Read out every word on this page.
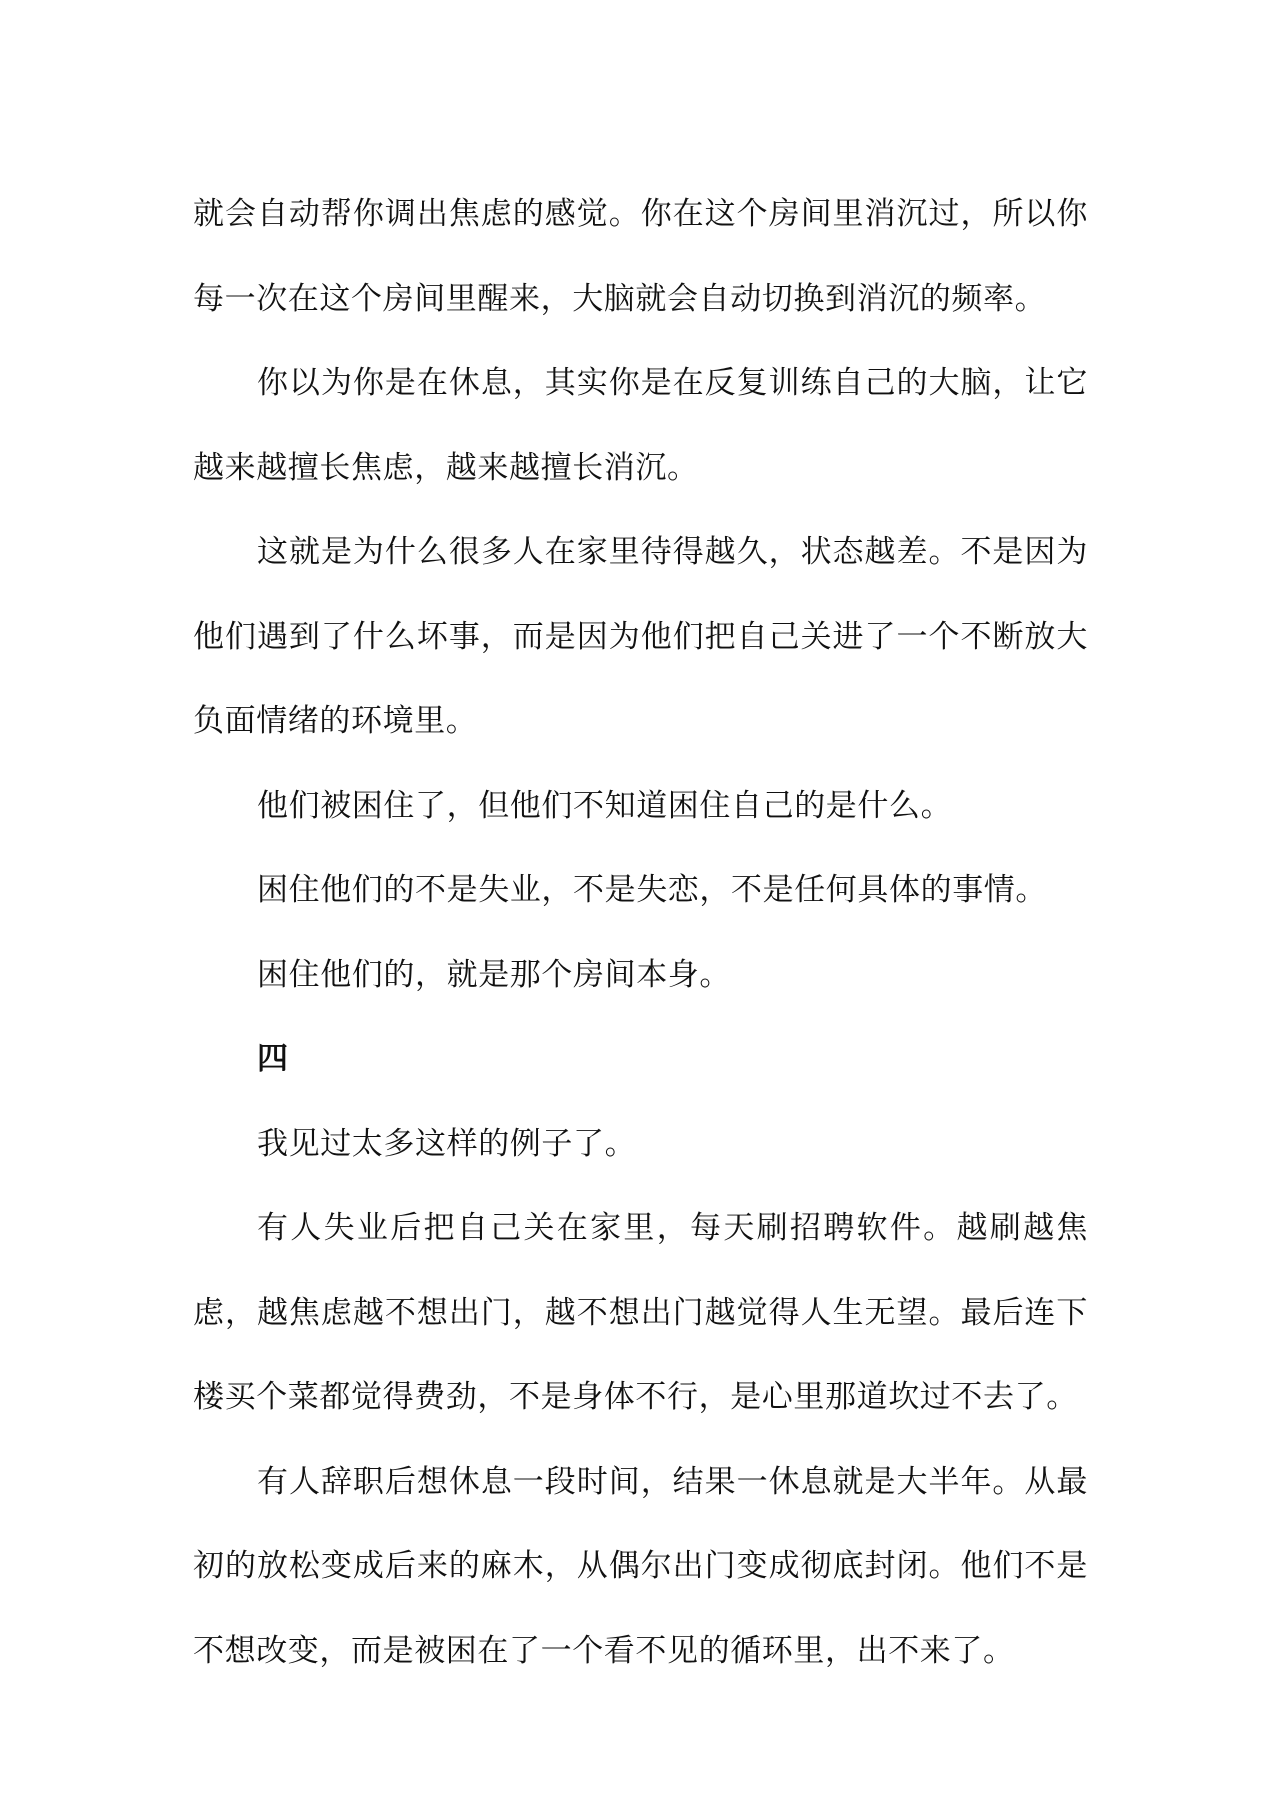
就会自动帮你调出焦虑的感觉。你在这个房间里消沉过，所以你每一次在这个房间里醒来，大脑就会自动切换到消沉的频率。

你以为你是在休息，其实你是在反复训练自己的大脑，让它越来越擅长焦虑，越来越擅长消沉。

这就是为什么很多人在家里待得越久，状态越差。不是因为他们遇到了什么坏事，而是因为他们把自己关进了一个不断放大负面情绪的环境里。

他们被困住了，但他们不知道困住自己的是什么。

困住他们的不是失业，不是失恋，不是任何具体的事情。

困住他们的，就是那个房间本身。

四

我见过太多这样的例子了。

有人失业后把自己关在家里，每天刷招聘软件。越刷越焦虑，越焦虑越不想出门，越不想出门越觉得人生无望。最后连下楼买个菜都觉得费劲，不是身体不行，是心里那道坎过不去了。

有人辞职后想休息一段时间，结果一休息就是大半年。从最初的放松变成后来的麻木，从偶尔出门变成彻底封闭。他们不是不想改变，而是被困在了一个看不见的循环里，出不来了。
